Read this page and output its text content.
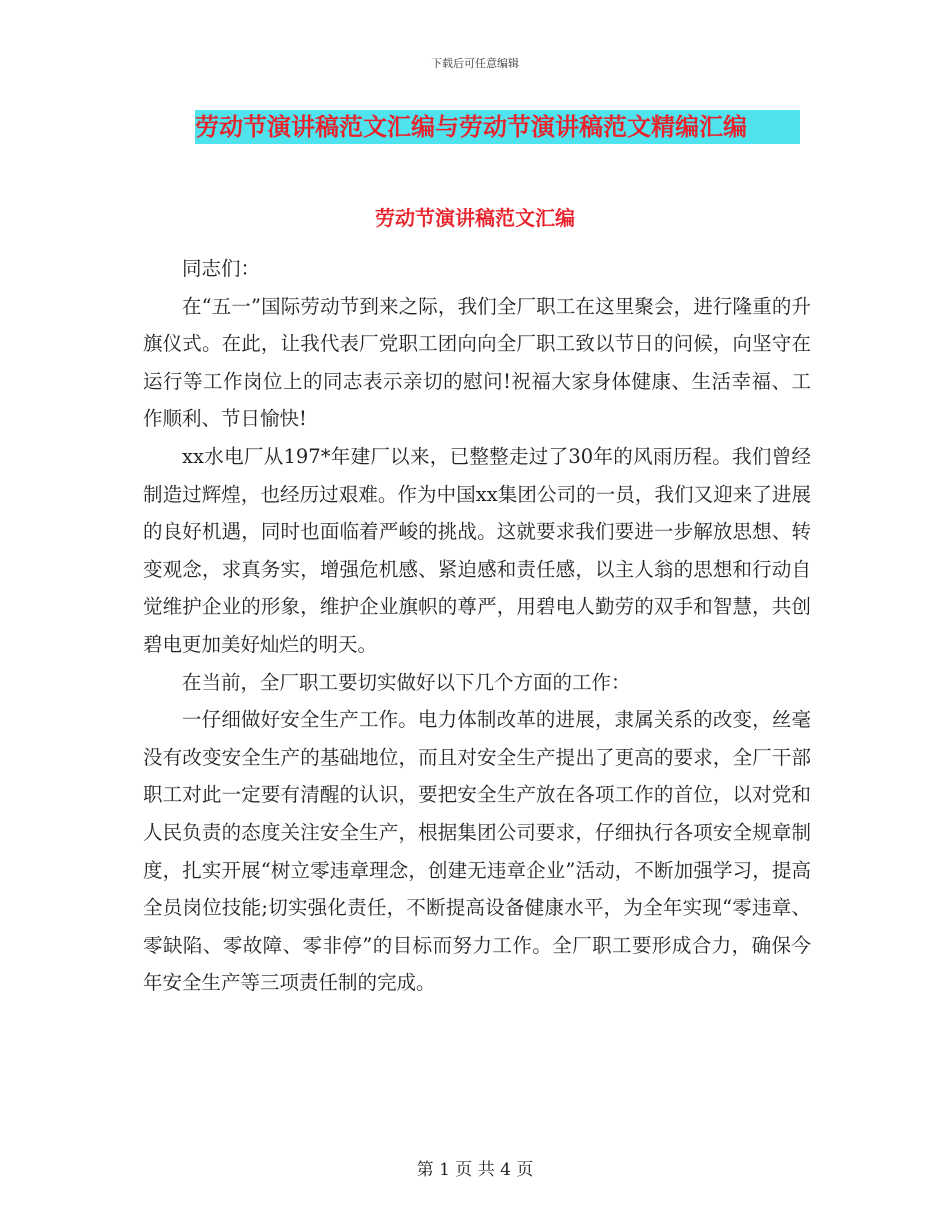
下载后可任意编辑
劳动节演讲稿范文汇编与劳动节演讲稿范文精编汇编
劳动节演讲稿范文汇编

同志们：

在“五一”国际劳动节到来之际，我们全厂职工在这里聚会，进行隆重的升旗仪式。在此，让我代表厂党职工团向向全厂职工致以节日的问候，向坚守在运行等工作岗位上的同志表示亲切的慰问!祝福大家身体健康、生活幸福、工作顺利、节日愉快!

xx水电厂从197*年建厂以来，已整整走过了30年的风雨历程。我们曾经制造过辉煌，也经历过艰难。作为中国xx集团公司的一员，我们又迎来了进展的良好机遇，同时也面临着严峻的挑战。这就要求我们要进一步解放思想、转变观念，求真务实，增强危机感、紧迫感和责任感，以主人翁的思想和行动自觉维护企业的形象，维护企业旗帜的尊严，用碧电人勤劳的双手和智慧，共创碧电更加美好灿烂的明天。

在当前，全厂职工要切实做好以下几个方面的工作：

一仔细做好安全生产工作。电力体制改革的进展，隶属关系的改变，丝毫没有改变安全生产的基础地位，而且对安全生产提出了更高的要求，全厂干部职工对此一定要有清醒的认识，要把安全生产放在各项工作的首位，以对党和人民负责的态度关注安全生产，根据集团公司要求，仔细执行各项安全规章制度，扎实开展“树立零违章理念，创建无违章企业”活动，不断加强学习，提高全员岗位技能;切实强化责任，不断提高设备健康水平，为全年实现“零违章、零缺陷、零故障、零非停”的目标而努力工作。全厂职工要形成合力，确保今年安全生产等三项责任制的完成。

第 1 页 共 4 页
